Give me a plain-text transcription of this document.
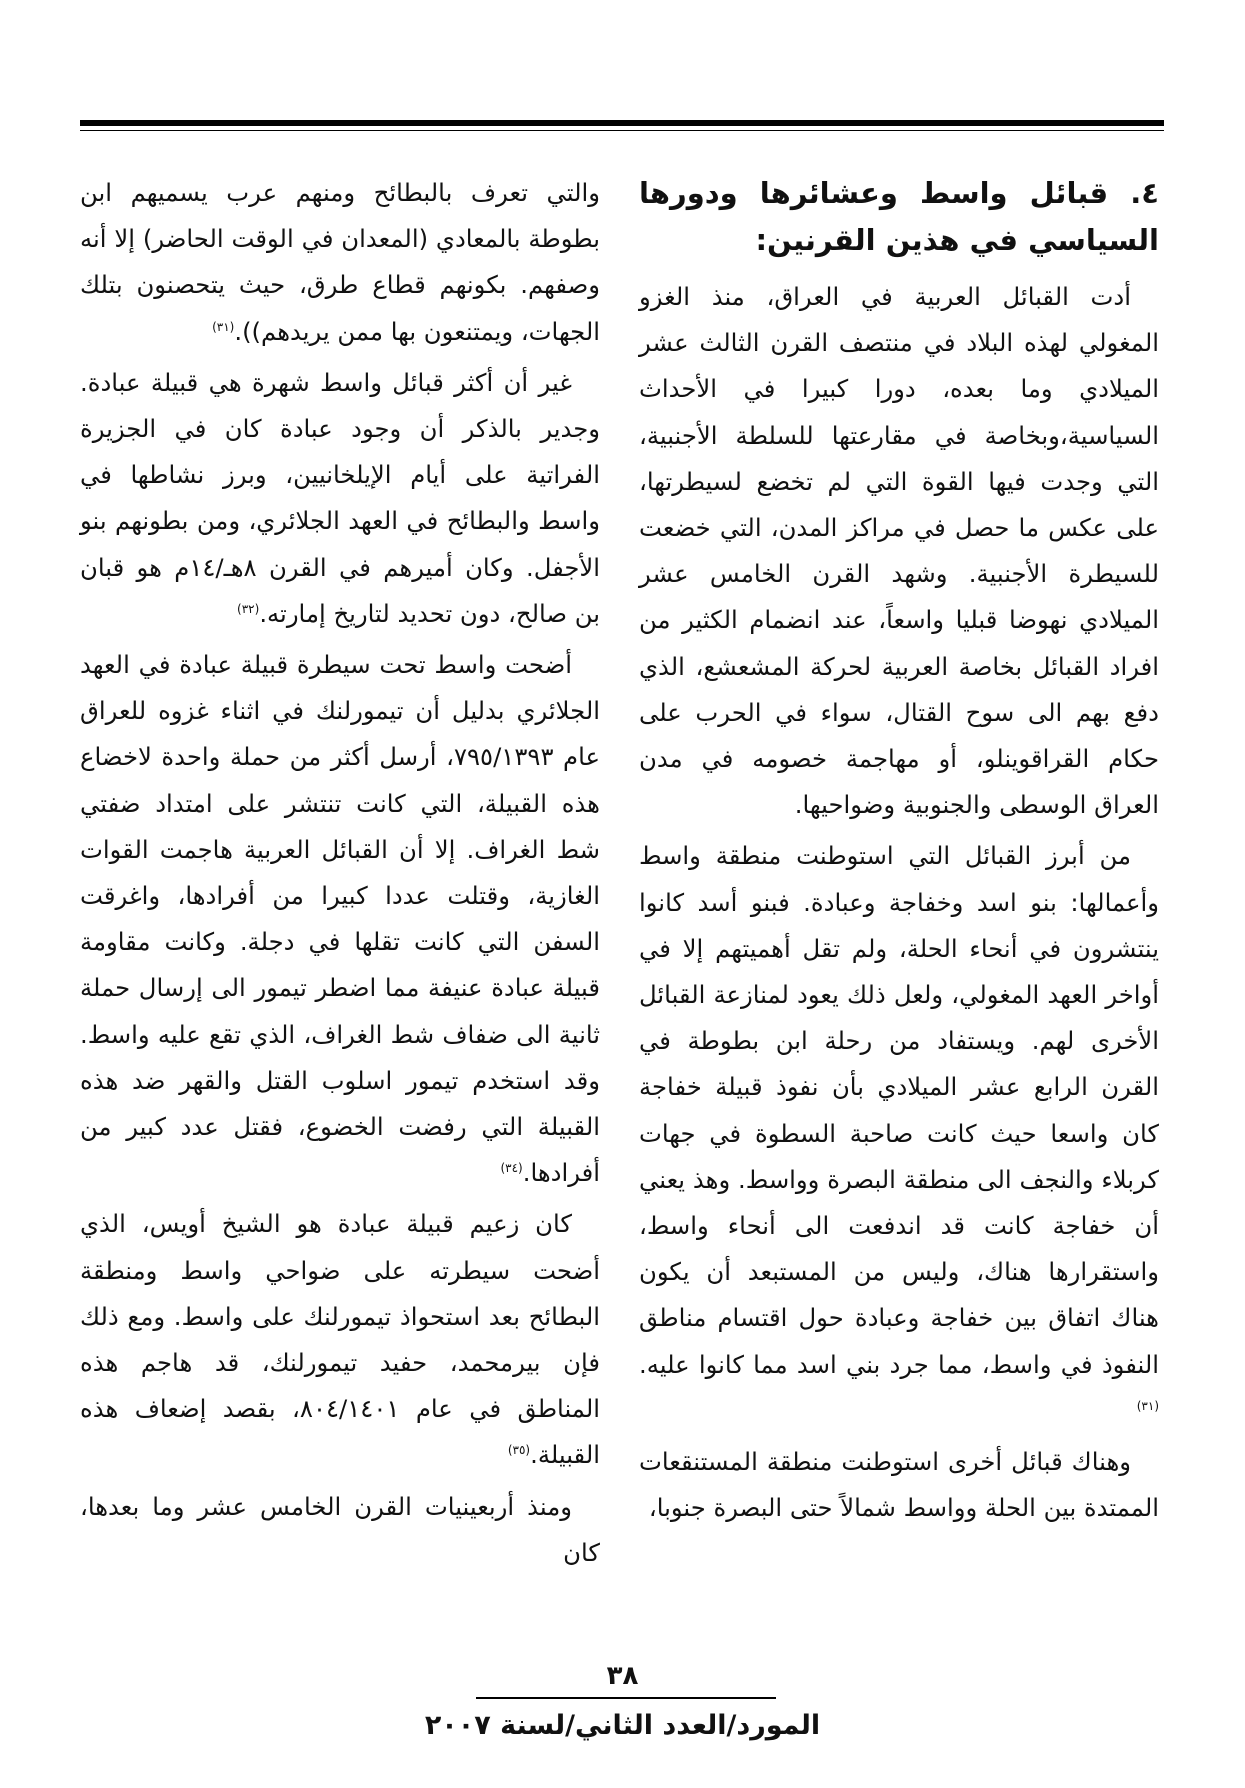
٤. قبائل واسط وعشائرها ودورها السياسي في هذين القرنين:

أدت القبائل العربية في العراق، منذ الغزو المغولي لهذه البلاد في منتصف القرن الثالث عشر الميلادي وما بعده، دورا كبيرا في الأحداث السياسية،وبخاصة في مقارعتها للسلطة الأجنبية، التي وجدت فيها القوة التي لم تخضع لسيطرتها، على عكس ما حصل في مراكز المدن، التي خضعت للسيطرة الأجنبية. وشهد القرن الخامس عشر الميلادي نهوضا قبليا واسعاً، عند انضمام الكثير من افراد القبائل بخاصة العربية لحركة المشعشع، الذي دفع بهم الى سوح القتال، سواء في الحرب على حكام القراقوينلو، أو مهاجمة خصومه في مدن العراق الوسطى والجنوبية وضواحيها.

من أبرز القبائل التي استوطنت منطقة واسط وأعمالها: بنو اسد وخفاجة وعبادة. فبنو أسد كانوا ينتشرون في أنحاء الحلة، ولم تقل أهميتهم إلا في أواخر العهد المغولي، ولعل ذلك يعود لمنازعة القبائل الأخرى لهم. ويستفاد من رحلة ابن بطوطة في القرن الرابع عشر الميلادي بأن نفوذ قبيلة خفاجة كان واسعا حيث كانت صاحبة السطوة في جهات كربلاء والنجف الى منطقة البصرة وواسط. وهذ يعني أن خفاجة كانت قد اندفعت الى أنحاء واسط، واستقرارها هناك، وليس من المستبعد أن يكون هناك اتفاق بين خفاجة وعبادة حول اقتسام مناطق النفوذ في واسط، مما جرد بني اسد مما كانوا عليه.$^{(٣١)}$

وهناك قبائل أخرى استوطنت منطقة المستنقعات الممتدة بين الحلة وواسط شمالاً حتى البصرة جنوبا،

والتي تعرف بالبطائح ومنهم عرب يسميهم ابن بطوطة بالمعادي (المعدان في الوقت الحاضر) إلا أنه وصفهم. بكونهم قطاع طرق، حيث يتحصنون بتلك الجهات، ويمتنعون بها ممن يريدهم)).$^{(٣١)}$

غير أن أكثر قبائل واسط شهرة هي قبيلة عبادة. وجدير بالذكر أن وجود عبادة كان في الجزيرة الفراتية على أيام الإيلخانيين، وبرز نشاطها في واسط والبطائح في العهد الجلائري، ومن بطونهم بنو الأجفل. وكان أميرهم في القرن ٨هـ/١٤م هو قبان بن صالح، دون تحديد لتاريخ إمارته.$^{(٣٢)}$

أضحت واسط تحت سيطرة قبيلة عبادة في العهد الجلائري بدليل أن تيمورلنك في اثناء غزوه للعراق عام ٧٩٥/١٣٩٣، أرسل أكثر من حملة واحدة لاخضاع هذه القبيلة، التي كانت تنتشر على امتداد ضفتي شط الغراف. إلا أن القبائل العربية هاجمت القوات الغازية، وقتلت عددا كبيرا من أفرادها، واغرقت السفن التي كانت تقلها في دجلة. وكانت مقاومة قبيلة عبادة عنيفة مما اضطر تيمور الى إرسال حملة ثانية الى ضفاف شط الغراف، الذي تقع عليه واسط. وقد استخدم تيمور اسلوب القتل والقهر ضد هذه القبيلة التي رفضت الخضوع، فقتل عدد كبير من أفرادها.$^{(٣٤)}$

كان زعيم قبيلة عبادة هو الشيخ أويس، الذي أضحت سيطرته على ضواحي واسط ومنطقة البطائح بعد استحواذ تيمورلنك على واسط. ومع ذلك فإن بيرمحمد، حفيد تيمورلنك، قد هاجم هذه المناطق في عام ٨٠٤/١٤٠١، بقصد إضعاف هذه القبيلة.$^{(٣٥)}$

ومنذ أربعينيات القرن الخامس عشر وما بعدها، كان

٣٨
المورد/العدد الثاني/لسنة ٢٠٠٧
